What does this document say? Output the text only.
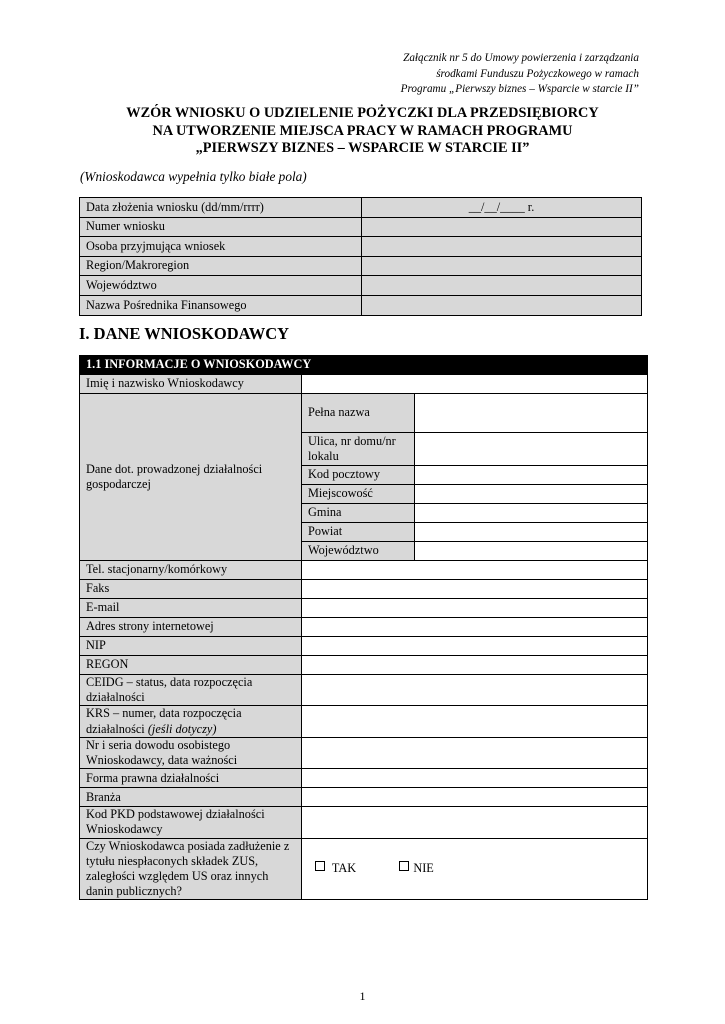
Załącznik nr 5 do Umowy powierzenia i zarządzania
środkami Funduszu Pożyczkowego w ramach
Programu „Pierwszy biznes – Wsparcie w starcie II”
WZÓR WNIOSKU O UDZIELENIE POŻYCZKI DLA PRZEDSIĘBIORCY
NA UTWORZENIE MIEJSCA PRACY W RAMACH PROGRAMU
„PIERWSZY BIZNES – WSPARCIE W STARCIE II”
(Wnioskodawca wypełnia tylko białe pola)
Data złożenia wniosku (dd/mm/rrrr)	__/__/____ r.
Numer wniosku	
Osoba przyjmująca wniosek	
Region/Makroregion	
Województwo	
Nazwa Pośrednika Finansowego	
I. DANE WNIOSKODAWCY
1.1 INFORMACJE O WNIOSKODAWCY		
Imię i nazwisko Wnioskodawcy		
Dane dot. prowadzonej działalności gospodarczej	Pełna nazwa	
	Ulica, nr domu/nr lokalu	
	Kod pocztowy	
	Miejscowość	
	Gmina	
	Powiat	
	Województwo	
Tel. stacjonarny/komórkowy		
Faks		
E-mail		
Adres strony internetowej		
NIP		
REGON		
CEIDG – status, data rozpoczęcia działalności		
KRS – numer, data rozpoczęcia działalności (jeśli dotyczy)		
Nr i seria dowodu osobistego Wnioskodawcy, data ważności		
Forma prawna działalności		
Branża		
Kod PKD podstawowej działalności Wnioskodawcy		
Czy Wnioskodawca posiada zadłużenie z tytułu niespłaconych składek ZUS, zaległości względem US oraz innych danin publicznych?	TAK NIE	
1
